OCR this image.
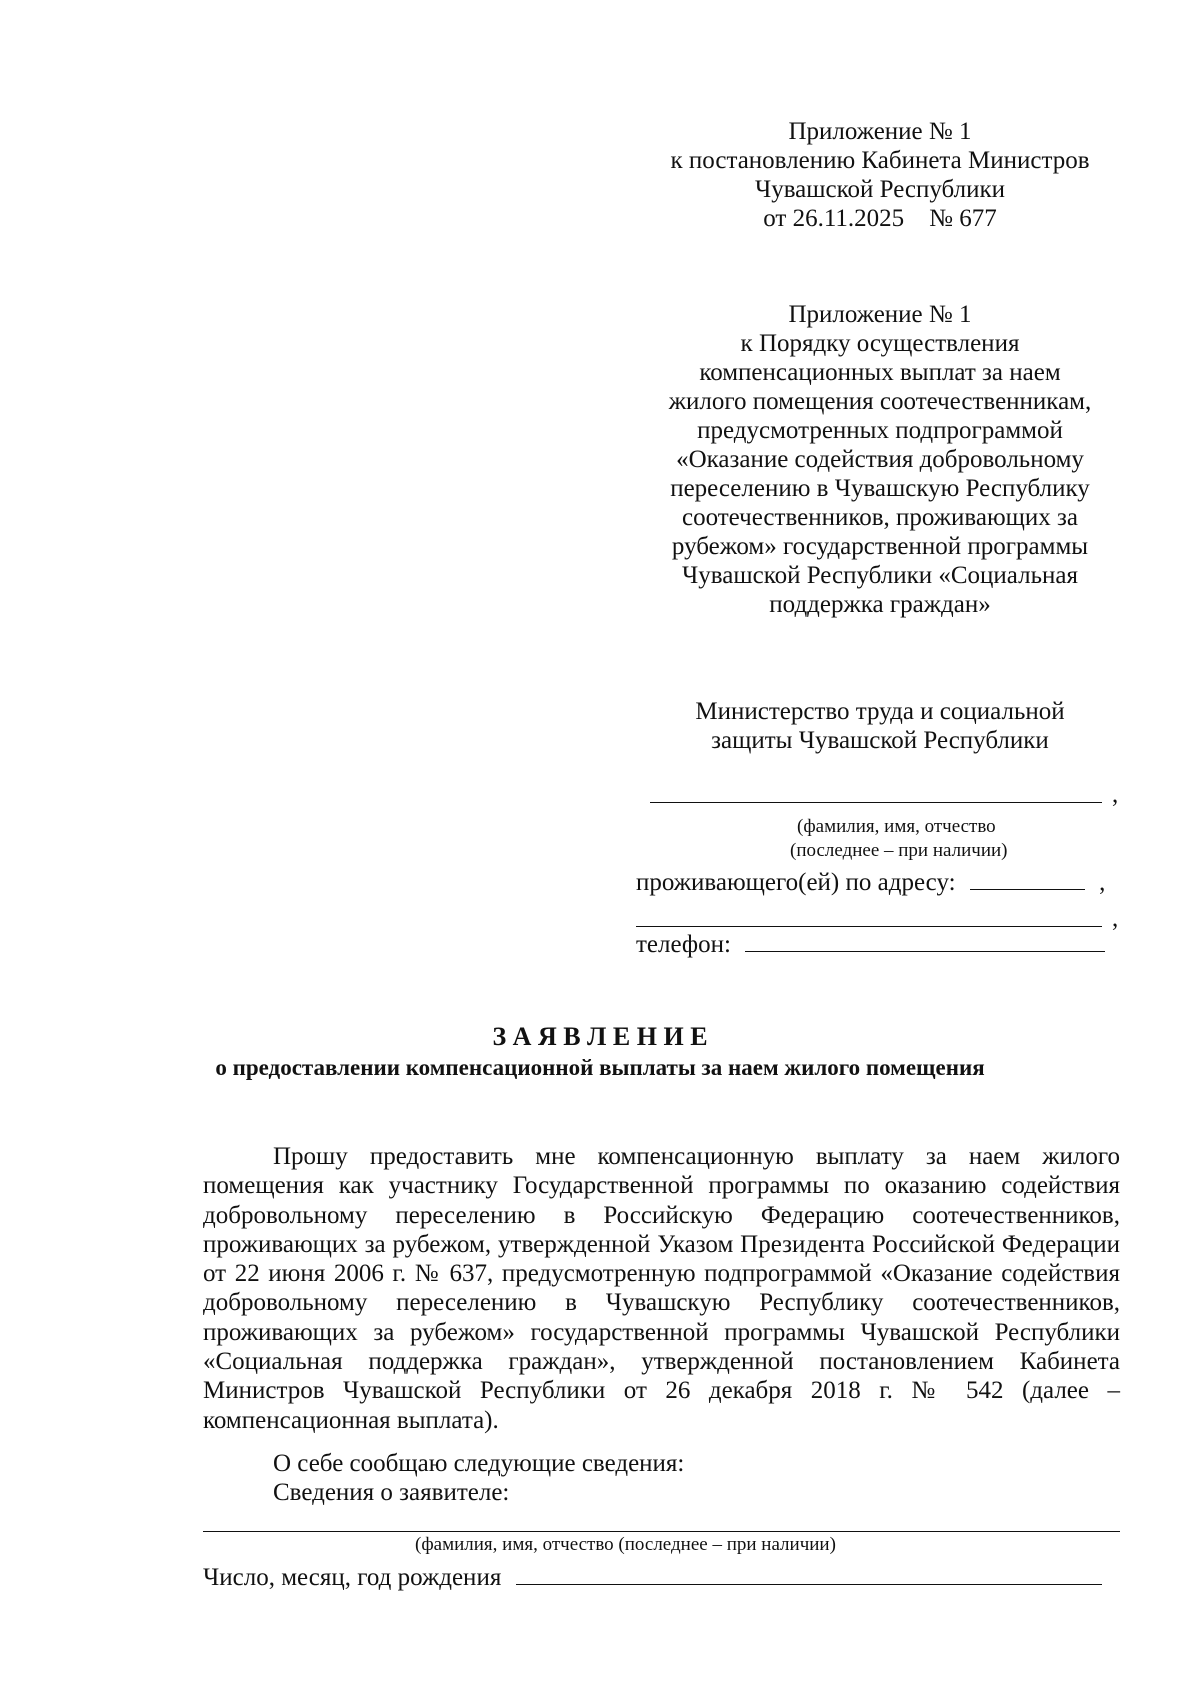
Приложение № 1
к постановлению Кабинета Министров
Чувашской Республики
от 26.11.2025    № 677
Приложение № 1
к Порядку осуществления
компенсационных выплат за наем
жилого помещения соотечественникам,
предусмотренных подпрограммой
«Оказание содействия добровольному
переселению в Чувашскую Республику
соотечественников, проживающих за
рубежом» государственной программы
Чувашской Республики «Социальная
поддержка граждан»
Министерство труда и социальной
защиты Чувашской Республики
,
(фамилия, имя, отчество
(последнее – при наличии)
проживающего(ей) по адресу:	,
,
телефон:
З А Я В Л Е Н И Е
о предоставлении компенсационной выплаты за наем жилого помещения
Прошу предоставить мне компенсационную выплату за наем жилого помещения как участнику Государственной программы по оказанию содействия добровольному переселению в Российскую Федерацию соотечественников, проживающих за рубежом, утвержденной Указом Президента Российской Федерации от 22 июня 2006 г. № 637, предусмотренную подпрограммой «Оказание содействия добровольному переселению в Чувашскую Республику соотечественников, проживающих за рубежом» государственной программы Чувашской Республики «Социальная поддержка граждан», утвержденной постановлением Кабинета Министров Чувашской Республики от 26 декабря 2018 г. № 542 (далее – компенсационная выплата).
О себе сообщаю следующие сведения:
Сведения о заявителе:
(фамилия, имя, отчество (последнее – при наличии)
Число, месяц, год рождения
